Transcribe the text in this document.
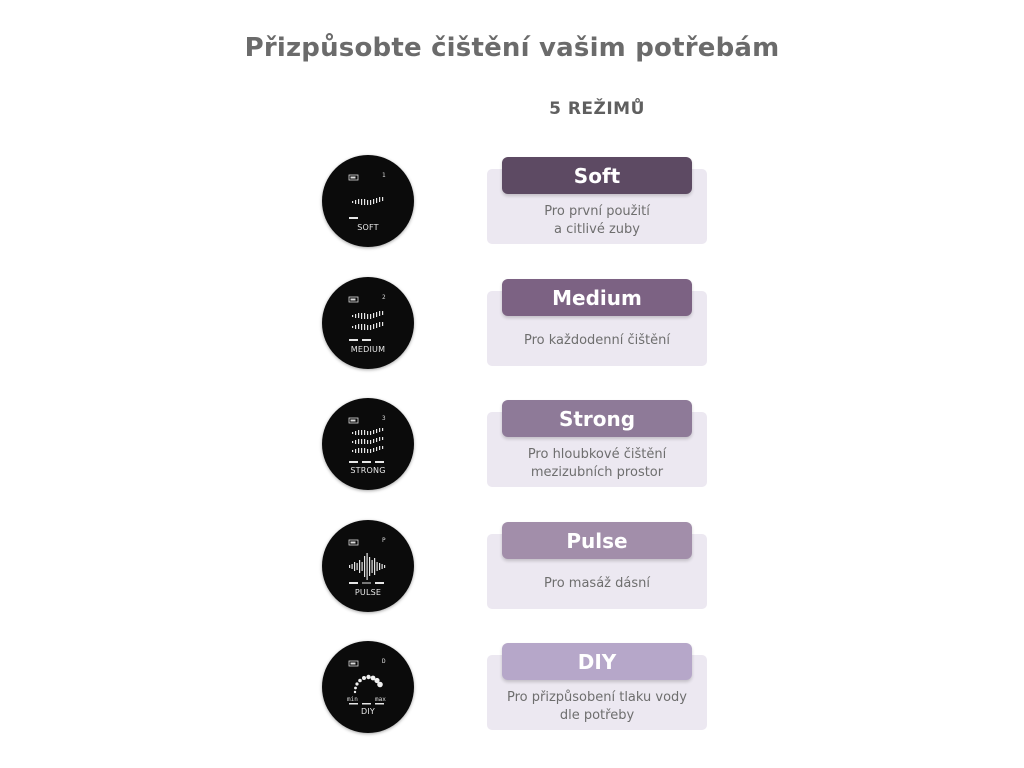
Přizpůsobte čištění vašim potřebám
5 REŽIMŮ
1
SOFT
Pro první použití
a citlivé zuby
Soft
2
MEDIUM
Pro každodenní čištění
Medium
3
STRONG
Pro hloubkové čištění
mezizubních prostor
Strong
P
PULSE
Pro masáž dásní
Pulse
D
min	max
DIY
Pro přizpůsobení tlaku vody
dle potřeby
DIY
